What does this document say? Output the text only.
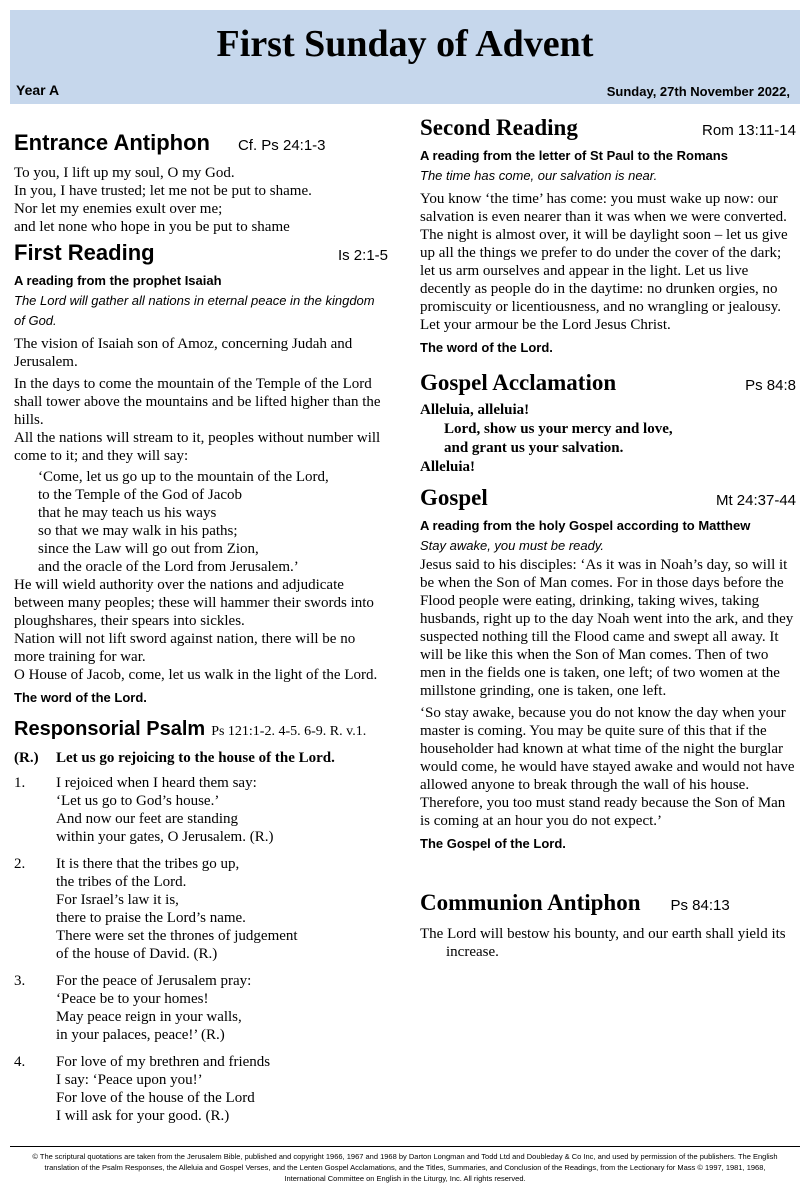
First Sunday of Advent
Year A	Sunday, 27th November 2022,
Entrance Antiphon Cf. Ps 24:1-3

To you, I lift up my soul, O my God.

In you, I have trusted; let me not be put to shame.

Nor let my enemies exult over me;

and let none who hope in you be put to shame

First Reading	Is 2:1-5

A reading from the prophet Isaiah

The Lord will gather all nations in eternal peace in the kingdom of God.

The vision of Isaiah son of Amoz, concerning Judah and Jerusalem.

In the days to come the mountain of the Temple of the Lord shall tower above the mountains and be lifted higher than the hills.

All the nations will stream to it, peoples without number will come to it; and they will say:

‘Come, let us go up to the mountain of the Lord,

to the Temple of the God of Jacob

that he may teach us his ways

so that we may walk in his paths;

since the Law will go out from Zion,

and the oracle of the Lord from Jerusalem.’

He will wield authority over the nations and adjudicate between many peoples; these will hammer their swords into ploughshares, their spears into sickles.

Nation will not lift sword against nation, there will be no more training for war.

O House of Jacob, come, let us walk in the light of the Lord.

The word of the Lord.

Responsorial Psalm Ps 121:1-2. 4-5. 6-9. R. v.1.
(R.)	Let us go rejoicing to the house of the Lord.
1.	I rejoiced when I heard them say:

‘Let us go to God’s house.’

And now our feet are standing

within your gates, O Jerusalem. (R.)

2.	It is there that the tribes go up,

the tribes of the Lord.

For Israel’s law it is,

there to praise the Lord’s name.

There were set the thrones of judgement

of the house of David. (R.)

3.	For the peace of Jerusalem pray:

‘Peace be to your homes!

May peace reign in your walls,

in your palaces, peace!’ (R.)

4.	For love of my brethren and friends

I say: ‘Peace upon you!’

For love of the house of the Lord

I will ask for your good. (R.)

Second Reading	Rom 13:11-14

A reading from the letter of St Paul to the Romans

The time has come, our salvation is near.

You know ‘the time’ has come: you must wake up now: our salvation is even nearer than it was when we were converted. The night is almost over, it will be daylight soon – let us give up all the things we prefer to do under the cover of the dark; let us arm ourselves and appear in the light. Let us live decently as people do in the daytime: no drunken orgies, no promiscuity or licentiousness, and no wrangling or jealousy. Let your armour be the Lord Jesus Christ.

The word of the Lord.

Gospel Acclamation	Ps 84:8

Alleluia, alleluia!

Lord, show us your mercy and love,

and grant us your salvation.

Alleluia!

Gospel	Mt 24:37-44

A reading from the holy Gospel according to Matthew

Stay awake, you must be ready.

Jesus said to his disciples: ‘As it was in Noah’s day, so will it be when the Son of Man comes. For in those days before the Flood people were eating, drinking, taking wives, taking husbands, right up to the day Noah went into the ark, and they suspected nothing till the Flood came and swept all away. It will be like this when the Son of Man comes. Then of two men in the fields one is taken, one left; of two women at the millstone grinding, one is taken, one left.

‘So stay awake, because you do not know the day when your master is coming. You may be quite sure of this that if the householder had known at what time of the night the burglar would come, he would have stayed awake and would not have allowed anyone to break through the wall of his house. Therefore, you too must stand ready because the Son of Man is coming at an hour you do not expect.’

The Gospel of the Lord.

Communion Antiphon Ps 84:13

The Lord will bestow his bounty, and our earth shall yield its increase.

© The scriptural quotations are taken from the Jerusalem Bible, published and copyright 1966, 1967 and 1968 by Darton Longman and Todd Ltd and Doubleday & Co Inc, and used by permission of the publishers. The English translation of the Psalm Responses, the Alleluia and Gospel Verses, and the Lenten Gospel Acclamations, and the Titles, Summaries, and Conclusion of the Readings, from the Lectionary for Mass © 1997, 1981, 1968, International Committee on English in the Liturgy, Inc. All rights reserved.
